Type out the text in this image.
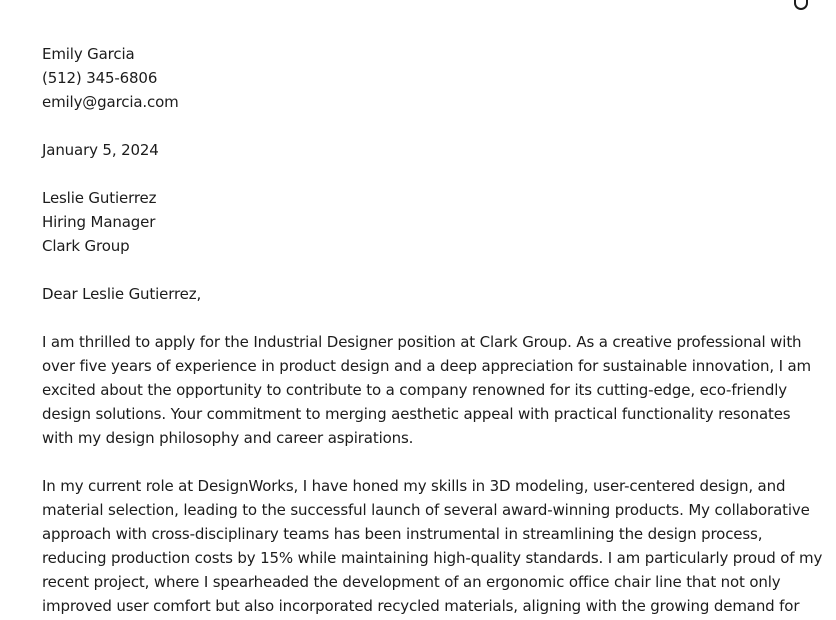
Emily Garcia
(512) 345-6806
emily@garcia.com
January 5, 2024
Leslie Gutierrez
Hiring Manager
Clark Group
Dear Leslie Gutierrez,

I am thrilled to apply for the Industrial Designer position at Clark Group. As a creative professional with
over five years of experience in product design and a deep appreciation for sustainable innovation, I am
excited about the opportunity to contribute to a company renowned for its cutting-edge, eco-friendly
design solutions. Your commitment to merging aesthetic appeal with practical functionality resonates
with my design philosophy and career aspirations.

In my current role at DesignWorks, I have honed my skills in 3D modeling, user-centered design, and
material selection, leading to the successful launch of several award-winning products. My collaborative
approach with cross-disciplinary teams has been instrumental in streamlining the design process,
reducing production costs by 15% while maintaining high-quality standards. I am particularly proud of my
recent project, where I spearheaded the development of an ergonomic office chair line that not only
improved user comfort but also incorporated recycled materials, aligning with the growing demand for
